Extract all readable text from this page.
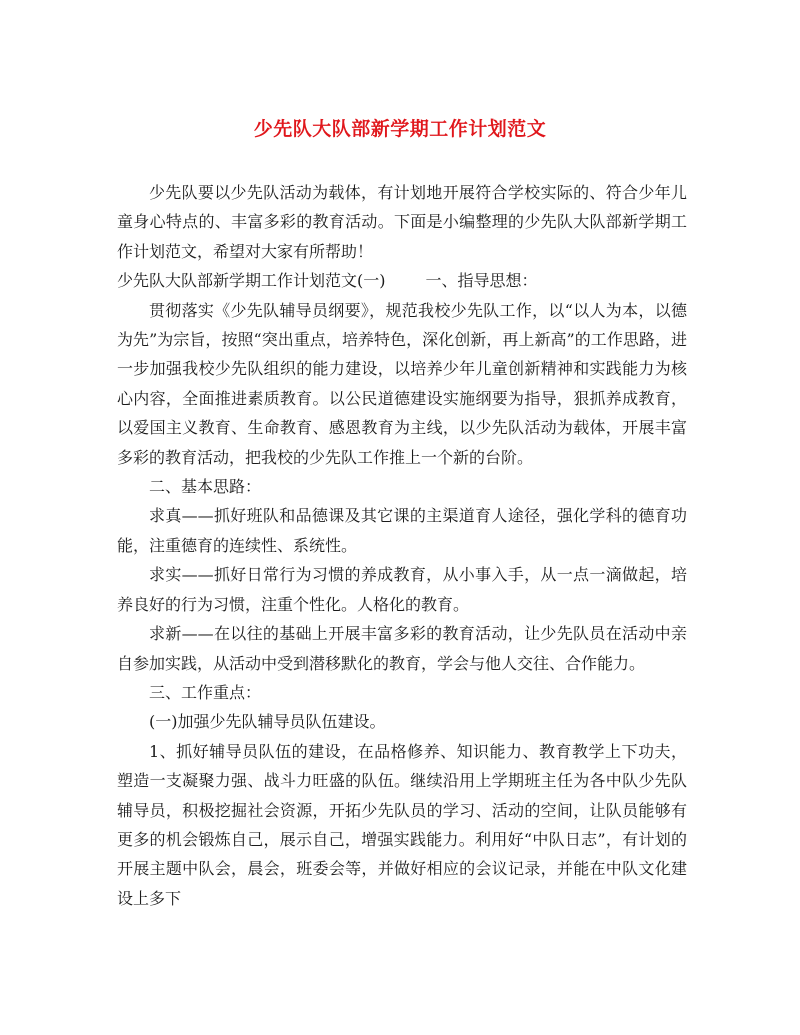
少先队大队部新学期工作计划范文

少先队要以少先队活动为载体，有计划地开展符合学校实际的、符合少年儿童身心特点的、丰富多彩的教育活动。下面是小编整理的少先队大队部新学期工作计划范文，希望对大家有所帮助！

少先队大队部新学期工作计划范文(一)	一、指导思想：

贯彻落实《少先队辅导员纲要》，规范我校少先队工作，以“以人为本，以德为先”为宗旨，按照“突出重点，培养特色，深化创新，再上新高”的工作思路，进一步加强我校少先队组织的能力建设，以培养少年儿童创新精神和实践能力为核心内容，全面推进素质教育。以公民道德建设实施纲要为指导，狠抓养成教育，以爱国主义教育、生命教育、感恩教育为主线，以少先队活动为载体，开展丰富多彩的教育活动，把我校的少先队工作推上一个新的台阶。

二、基本思路：

求真——抓好班队和品德课及其它课的主渠道育人途径，强化学科的德育功能，注重德育的连续性、系统性。

求实——抓好日常行为习惯的养成教育，从小事入手，从一点一滴做起，培养良好的行为习惯，注重个性化。人格化的教育。

求新——在以往的基础上开展丰富多彩的教育活动，让少先队员在活动中亲自参加实践，从活动中受到潜移默化的教育，学会与他人交往、合作能力。

三、工作重点：

(一)加强少先队辅导员队伍建设。

1、抓好辅导员队伍的建设，在品格修养、知识能力、教育教学上下功夫，塑造一支凝聚力强、战斗力旺盛的队伍。继续沿用上学期班主任为各中队少先队辅导员，积极挖掘社会资源，开拓少先队员的学习、活动的空间，让队员能够有更多的机会锻炼自己，展示自己，增强实践能力。利用好“中队日志”，有计划的开展主题中队会，晨会，班委会等，并做好相应的会议记录，并能在中队文化建设上多下
